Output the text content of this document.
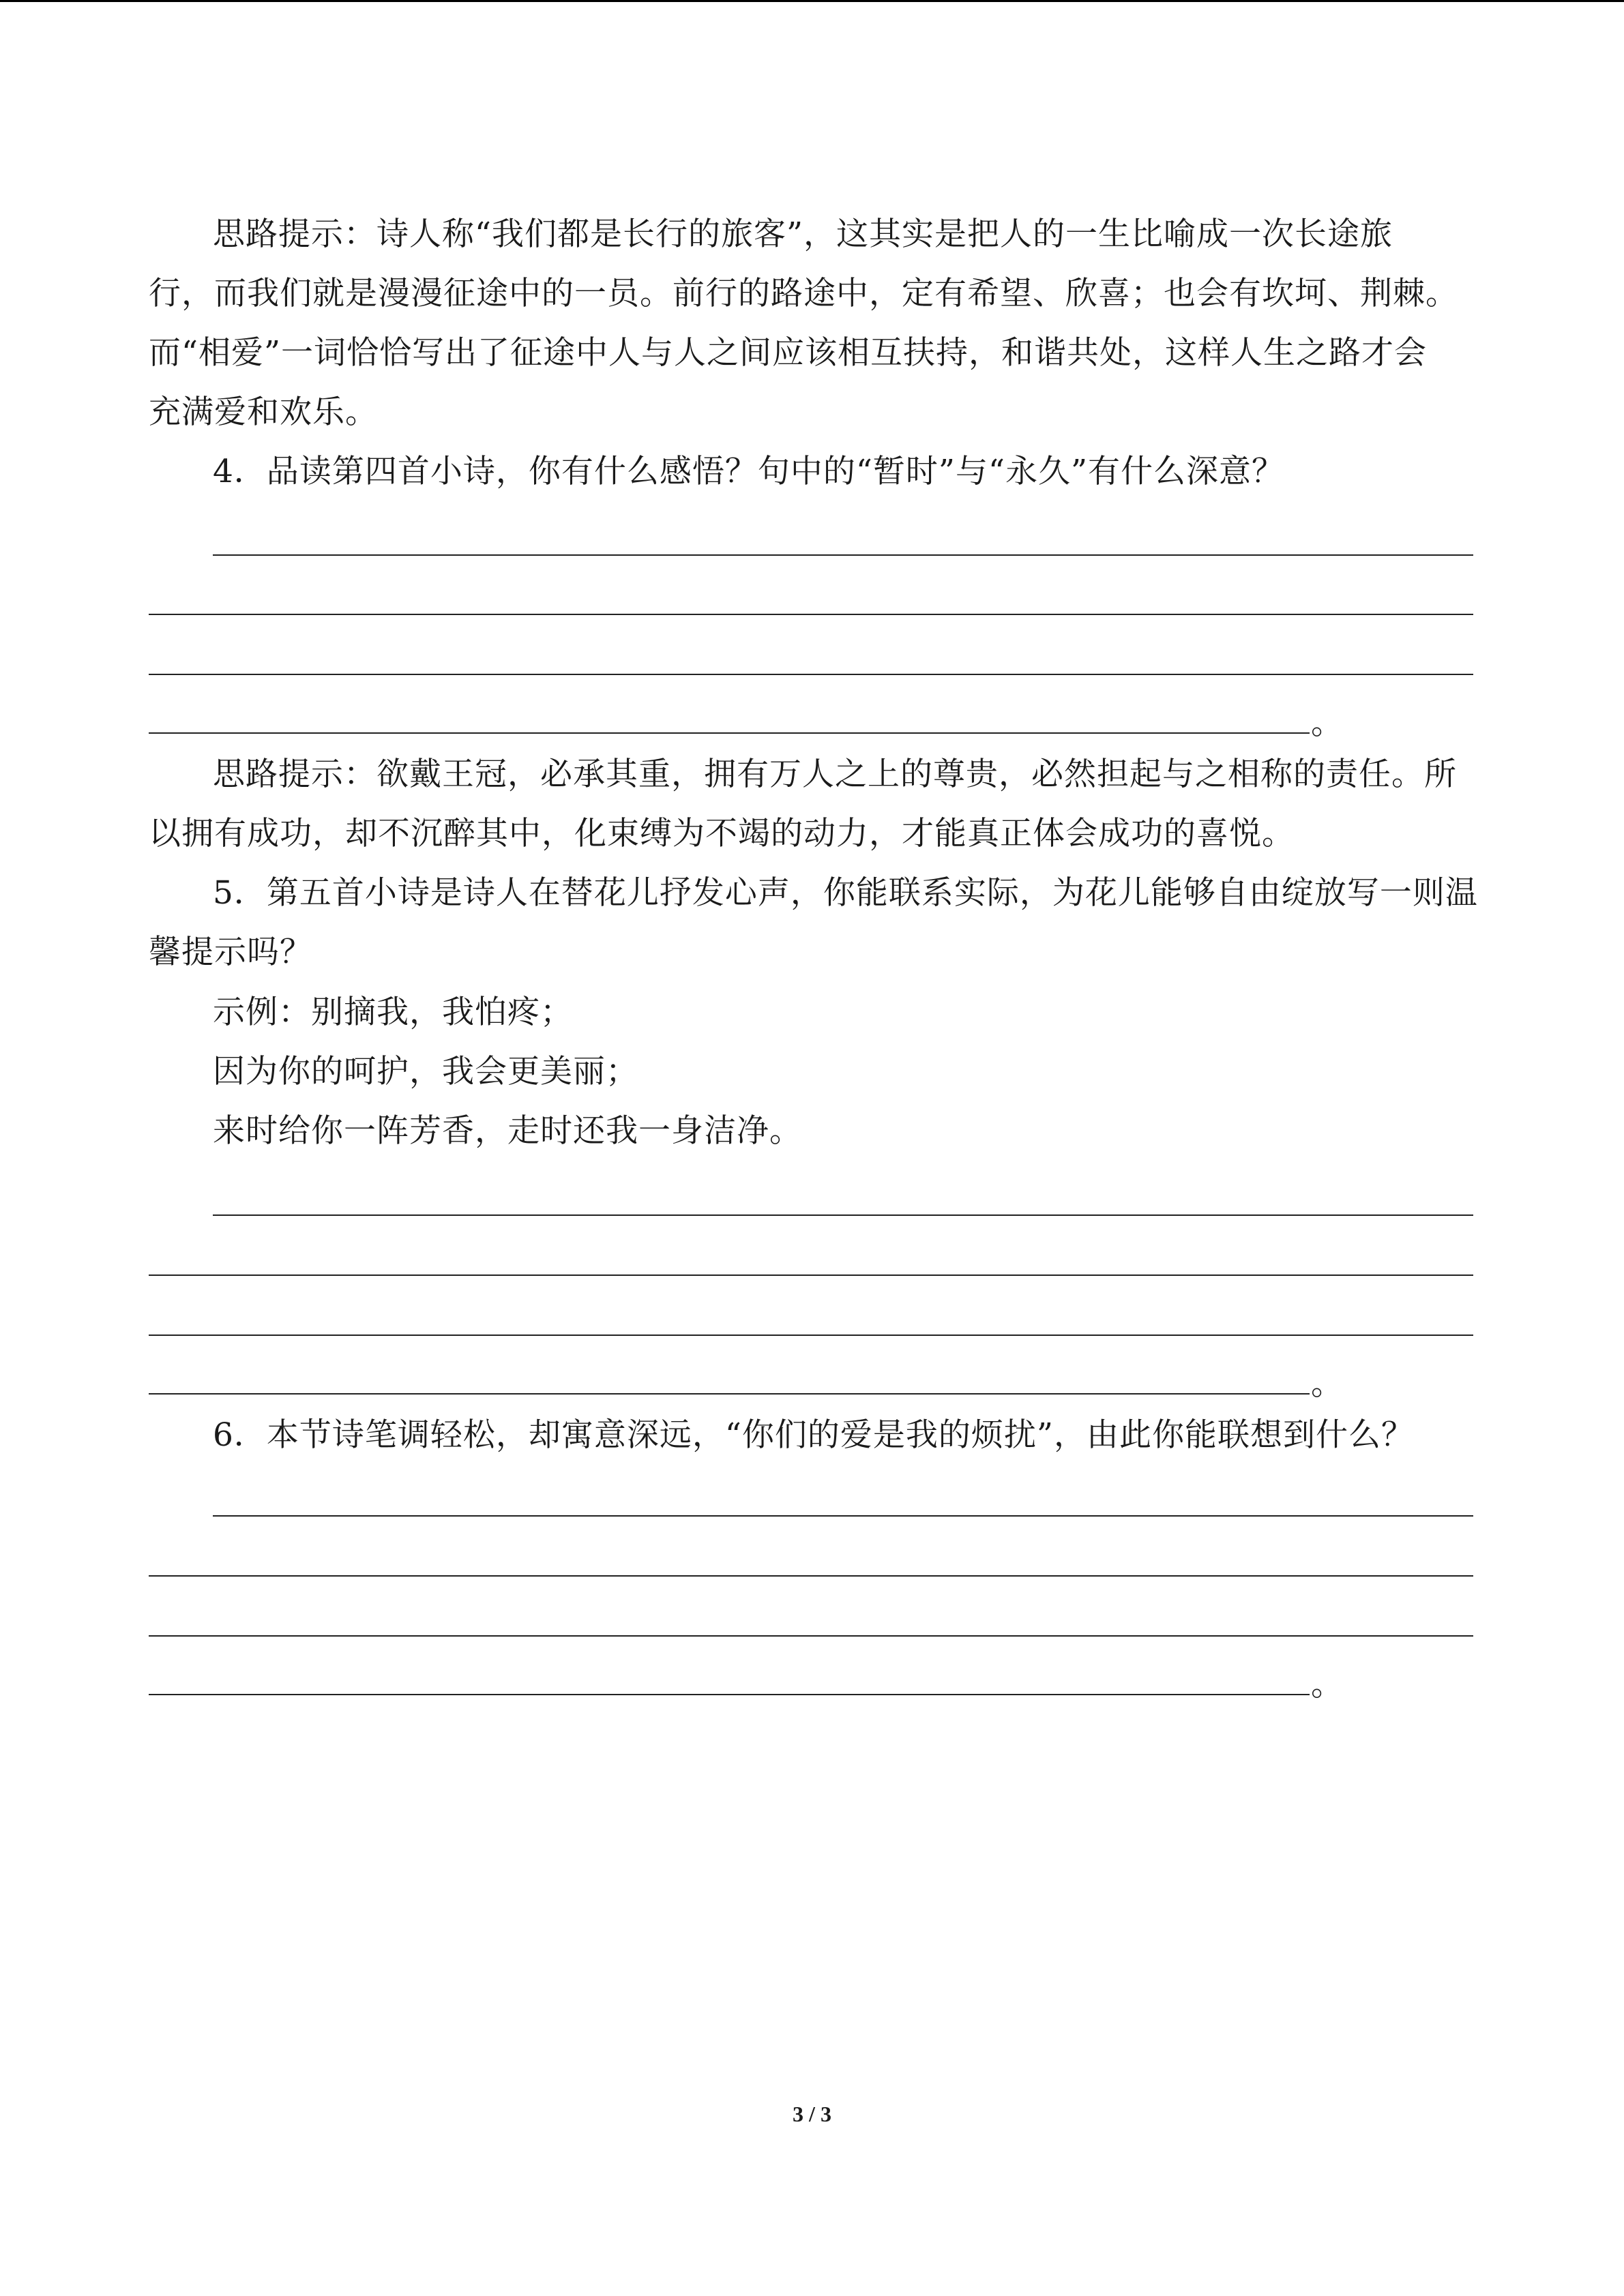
思路提示：诗人称“我们都是长行的旅客”，这其实是把人的一生比喻成一次长途旅
行，而我们就是漫漫征途中的一员。前行的路途中，定有希望、欣喜；也会有坎坷、荆棘。
而“相爱”一词恰恰写出了征途中人与人之间应该相互扶持，和谐共处，这样人生之路才会
充满爱和欢乐。
4．品读第四首小诗，你有什么感悟？句中的“暂时”与“永久”有什么深意？
。
思路提示：欲戴王冠，必承其重，拥有万人之上的尊贵，必然担起与之相称的责任。所
以拥有成功，却不沉醉其中，化束缚为不竭的动力，才能真正体会成功的喜悦。
5．第五首小诗是诗人在替花儿抒发心声，你能联系实际，为花儿能够自由绽放写一则温
馨提示吗？
示例：别摘我，我怕疼；
因为你的呵护，我会更美丽；
来时给你一阵芳香，走时还我一身洁净。
。
6．本节诗笔调轻松，却寓意深远，“你们的爱是我的烦扰”，由此你能联想到什么？
。
3 / 3
